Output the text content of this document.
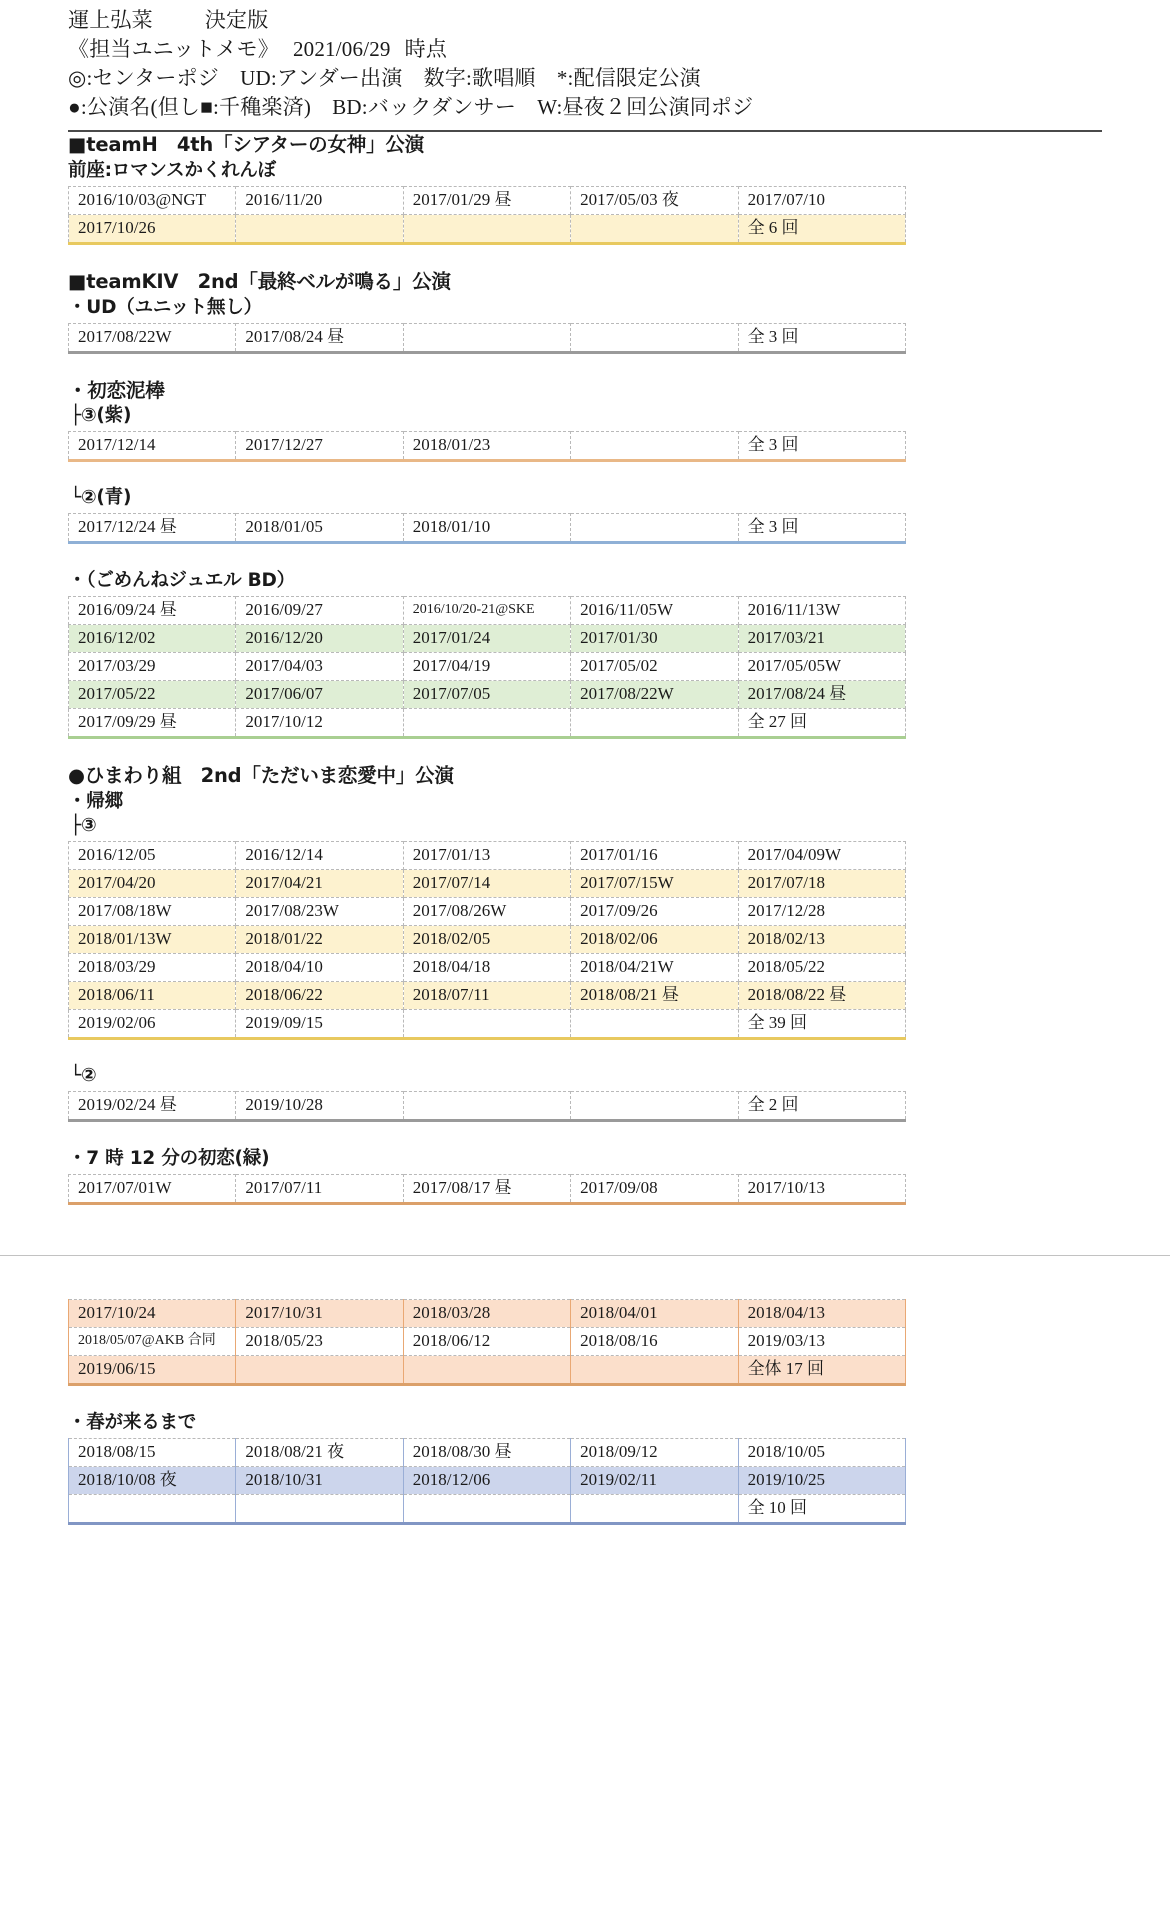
運上弘菜 決定版
《担当ユニットメモ》 2021/06/29 時点
◎:センターポジ　UD:アンダー出演　数字:歌唱順　*:配信限定公演
●:公演名(但し■:千穐楽済)　BD:バックダンサー　W:昼夜２回公演同ポジ
■teamH　4th「シアターの女神」公演
前座:ロマンスかくれんぼ
2016/10/03@NGT	2016/11/20	2017/01/29 昼	2017/05/03 夜	2017/07/10
2017/10/26				全 6 回
■teamKIV　2nd「最終ベルが鳴る」公演
・UD（ユニット無し）
2017/08/22W	2017/08/24 昼			全 3 回
・初恋泥棒
├③(紫)
2017/12/14	2017/12/27	2018/01/23		全 3 回
└②(青)
2017/12/24 昼	2018/01/05	2018/01/10		全 3 回
・（ごめんねジュエル BD）
2016/09/24 昼	2016/09/27	2016/10/20-21@SKE	2016/11/05W	2016/11/13W
2016/12/02	2016/12/20	2017/01/24	2017/01/30	2017/03/21
2017/03/29	2017/04/03	2017/04/19	2017/05/02	2017/05/05W
2017/05/22	2017/06/07	2017/07/05	2017/08/22W	2017/08/24 昼
2017/09/29 昼	2017/10/12			全 27 回
●ひまわり組　2nd「ただいま恋愛中」公演
・帰郷
├③
2016/12/05	2016/12/14	2017/01/13	2017/01/16	2017/04/09W
2017/04/20	2017/04/21	2017/07/14	2017/07/15W	2017/07/18
2017/08/18W	2017/08/23W	2017/08/26W	2017/09/26	2017/12/28
2018/01/13W	2018/01/22	2018/02/05	2018/02/06	2018/02/13
2018/03/29	2018/04/10	2018/04/18	2018/04/21W	2018/05/22
2018/06/11	2018/06/22	2018/07/11	2018/08/21 昼	2018/08/22 昼
2019/02/06	2019/09/15			全 39 回
└②
2019/02/24 昼	2019/10/28			全 2 回
・7 時 12 分の初恋(緑)
2017/07/01W	2017/07/11	2017/08/17 昼	2017/09/08	2017/10/13
2017/10/24	2017/10/31	2018/03/28	2018/04/01	2018/04/13
2018/05/07@AKB 合同	2018/05/23	2018/06/12	2018/08/16	2019/03/13
2019/06/15				全体 17 回
・春が来るまで
2018/08/15	2018/08/21 夜	2018/08/30 昼	2018/09/12	2018/10/05
2018/10/08 夜	2018/10/31	2018/12/06	2019/02/11	2019/10/25
				全 10 回
